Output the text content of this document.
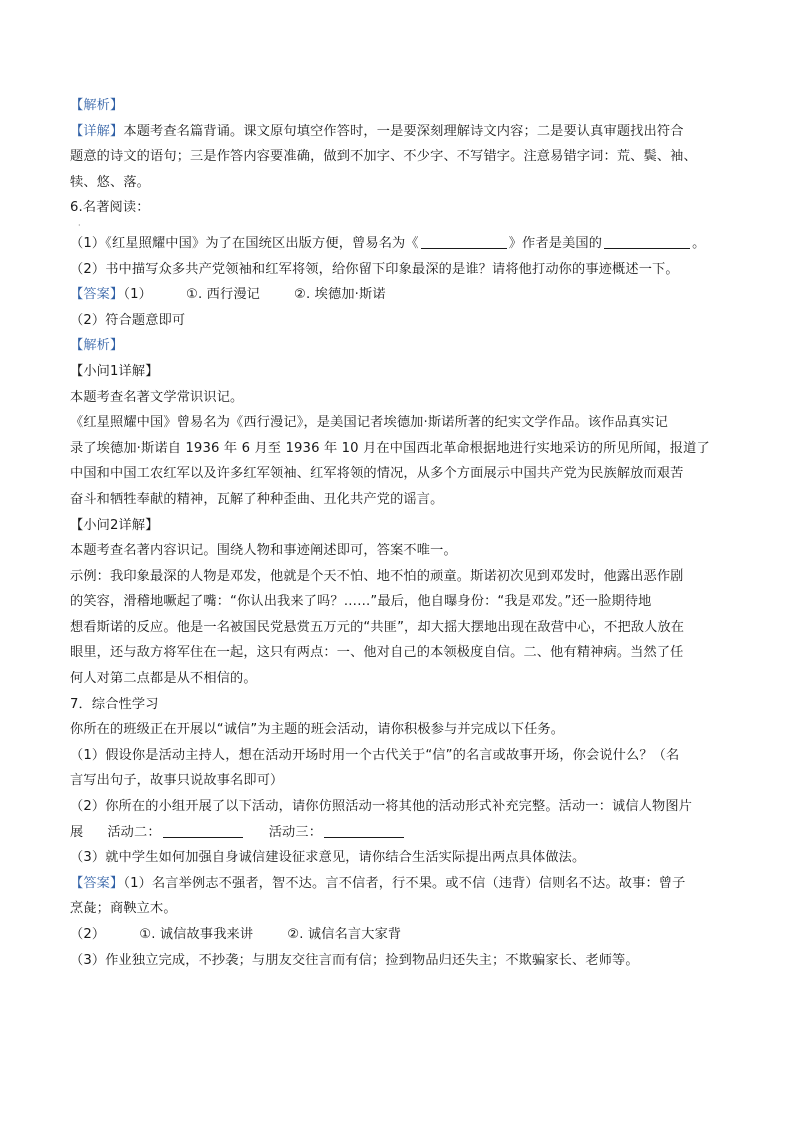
【解析】
【详解】本题考查名篇背诵。课文原句填空作答时，一是要深刻理解诗文内容；二是要认真审题找出符合
题意的诗文的语句；三是作答内容要准确，做到不加字、不少字、不写错字。注意易错字词：荒、鬓、袖、
犊、悠、落。
6.名著阅读：
·
（1）《红星照耀中国》为了在国统区出版方便，曾易名为《	》作者是美国的	。
（2）书中描写众多共产党领袖和红军将领，给你留下印象最深的是谁？请将他打动你的事迹概述一下。
【答案】（1）	①. 西行漫记	②. 埃德加·斯诺
（2）符合题意即可
【解析】
【小问1详解】
本题考查名著文学常识识记。
《红星照耀中国》曾易名为《西行漫记》，是美国记者埃德加·斯诺所著的纪实文学作品。该作品真实记
录了埃德加·斯诺自 1936 年 6 月至 1936 年 10 月在中国西北革命根据地进行实地采访的所见所闻，报道了
中国和中国工农红军以及许多红军领袖、红军将领的情况，从多个方面展示中国共产党为民族解放而艰苦
奋斗和牺牲奉献的精神，瓦解了种种歪曲、丑化共产党的谣言。
【小问2详解】
本题考查名著内容识记。围绕人物和事迹阐述即可，答案不唯一。
示例：我印象最深的人物是邓发，他就是个天不怕、地不怕的顽童。斯诺初次见到邓发时，他露出恶作剧
的笑容，滑稽地噘起了嘴：“你认出我来了吗？……”最后，他自曝身份：“我是邓发。”还一脸期待地
想看斯诺的反应。他是一名被国民党悬赏五万元的“共匪”，却大摇大摆地出现在敌营中心，不把敌人放在
眼里，还与敌方将军住在一起，这只有两点：一、他对自己的本领极度自信。二、他有精神病。当然了任
何人对第二点都是从不相信的。
7．综合性学习
你所在的班级正在开展以“诚信”为主题的班会活动，请你积极参与并完成以下任务。
（1）假设你是活动主持人，想在活动开场时用一个古代关于“信”的名言或故事开场，你会说什么？（名
言写出句子，故事只说故事名即可）
（2）你所在的小组开展了以下活动，请你仿照活动一将其他的活动形式补充完整。活动一：诚信人物图片
展 活动二：	活动三：
（3）就中学生如何加强自身诚信建设征求意见，请你结合生活实际提出两点具体做法。
【答案】（1）名言举例志不强者，智不达。言不信者，行不果。或不信（违背）信则名不达。故事：曾子
烹彘；商鞅立木。
（2）	①. 诚信故事我来讲	②. 诚信名言大家背
（3）作业独立完成，不抄袭；与朋友交往言而有信；捡到物品归还失主；不欺骗家长、老师等。
